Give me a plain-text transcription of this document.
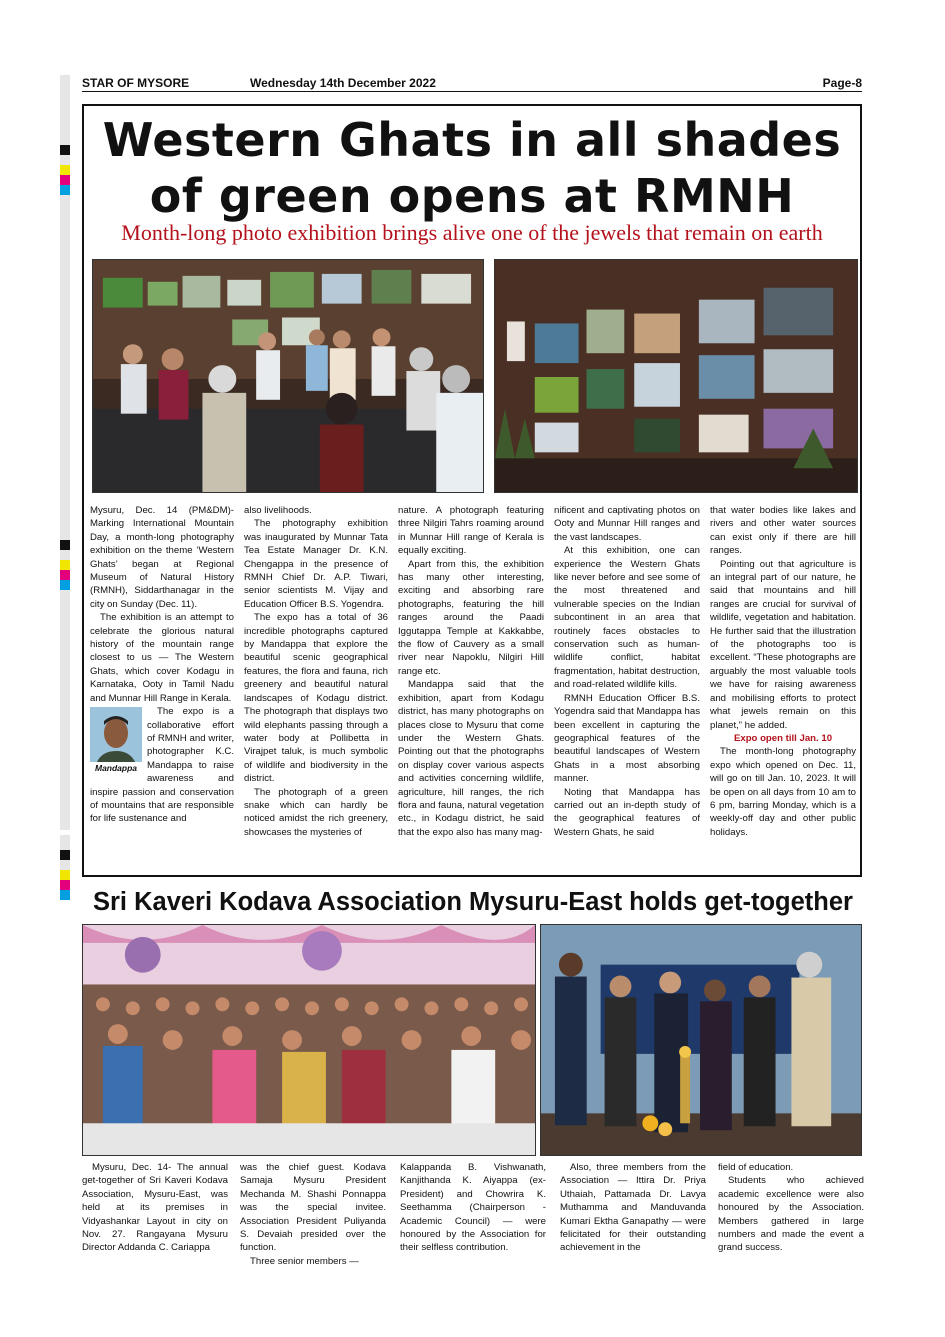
STAR OF MYSORE	Wednesday 14th December 2022	Page-8
Western Ghats in all shades
of green opens at RMNH
Month-long photo exhibition brings alive one of the jewels that remain on earth

Mysuru, Dec. 14 (PM&DM)- Marking International Mountain Day, a month-long photography exhibition on the theme ‘Western Ghats’ began at Regional Museum of Natural History (RMNH), Siddarthanagar in the city on Sunday (Dec. 11).

The exhibition is an attempt to celebrate the glorious natural history of the mountain range closest to us — The Western Ghats, which cover Kodagu in Karnataka, Ooty in Tamil Nadu and Munnar Hill Range in Kerala.

Mandappa

The expo is a collaborative effort of RMNH and writer, photographer K.C. Mandappa to raise awareness and inspire passion and conservation of mountains that are responsible for life sustenance and

also livelihoods.

The photography exhibition was inaugurated by Munnar Tata Tea Estate Manager Dr. K.N. Chengappa in the presence of RMNH Chief Dr. A.P. Tiwari, senior scientists M. Vijay and Education Officer B.S. Yogendra.

The expo has a total of 36 incredible photographs captured by Mandappa that explore the beautiful scenic geographical features, the flora and fauna, rich greenery and beautiful natural landscapes of Kodagu district. The photograph that displays two wild elephants passing through a water body at Pollibetta in Virajpet taluk, is much symbolic of wildlife and biodiversity in the district.

The photograph of a green snake which can hardly be noticed amidst the rich greenery, showcases the mysteries of

nature. A photograph featuring three Nilgiri Tahrs roaming around in Munnar Hill range of Kerala is equally exciting.

Apart from this, the exhibition has many other interesting, exciting and absorbing rare photographs, featuring the hill ranges around the Paadi Iggutappa Temple at Kakkabbe, the flow of Cauvery as a small river near Napoklu, Nilgiri Hill range etc.

Mandappa said that the exhibition, apart from Kodagu district, has many photographs on places close to Mysuru that come under the Western Ghats. Pointing out that the photographs on display cover various aspects and activities concerning wildlife, agriculture, hill ranges, the rich flora and fauna, natural vegetation etc., in Kodagu district, he said that the expo also has many mag-

nificent and captivating photos on Ooty and Munnar Hill ranges and the vast landscapes.

At this exhibition, one can experience the Western Ghats like never before and see some of the most threatened and vulnerable species on the Indian subcontinent in an area that routinely faces obstacles to conservation such as human-wildlife conflict, habitat fragmentation, habitat destruction, and road-related wildlife kills.

RMNH Education Officer B.S. Yogendra said that Mandappa has been excellent in capturing the geographical features of the beautiful landscapes of Western Ghats in a most absorbing manner.

Noting that Mandappa has carried out an in-depth study of the geographical features of Western Ghats, he said

that water bodies like lakes and rivers and other water sources can exist only if there are hill ranges.

Pointing out that agriculture is an integral part of our nature, he said that mountains and hill ranges are crucial for survival of wildlife, vegetation and habitation. He further said that the illustration of the photographs too is excellent. “These photographs are arguably the most valuable tools we have for raising awareness and mobilising efforts to protect what jewels remain on this planet,” he added.

Expo open till Jan. 10

The month-long photography expo which opened on Dec. 11, will go on till Jan. 10, 2023. It will be open on all days from 10 am to 6 pm, barring Monday, which is a weekly-off day and other public holidays.

Sri Kaveri Kodava Association Mysuru-East holds get-together

Mysuru, Dec. 14- The annual get-together of Sri Kaveri Kodava Association, Mysuru-East, was held at its premises in Vidyashankar Layout in city on Nov. 27. Rangayana Mysuru Director Addanda C. Cariappa

was the chief guest. Kodava Samaja Mysuru President Mechanda M. Shashi Ponnappa was the special invitee. Association President Puliyanda S. Devaiah presided over the function.

Three senior members —

Kalappanda B. Vishwanath, Kanjithanda K. Aiyappa (ex-President) and Chowrira K. Seethamma (Chairperson - Academic Council) — were honoured by the Association for their selfless contribution.

Also, three members from the Association — Ittira Dr. Priya Uthaiah, Pattamada Dr. Lavya Muthamma and Manduvanda Kumari Ektha Ganapathy — were felicitated for their outstanding achievement in the

field of education.

Students who achieved academic excellence were also honoured by the Association. Members gathered in large numbers and made the event a grand success.
